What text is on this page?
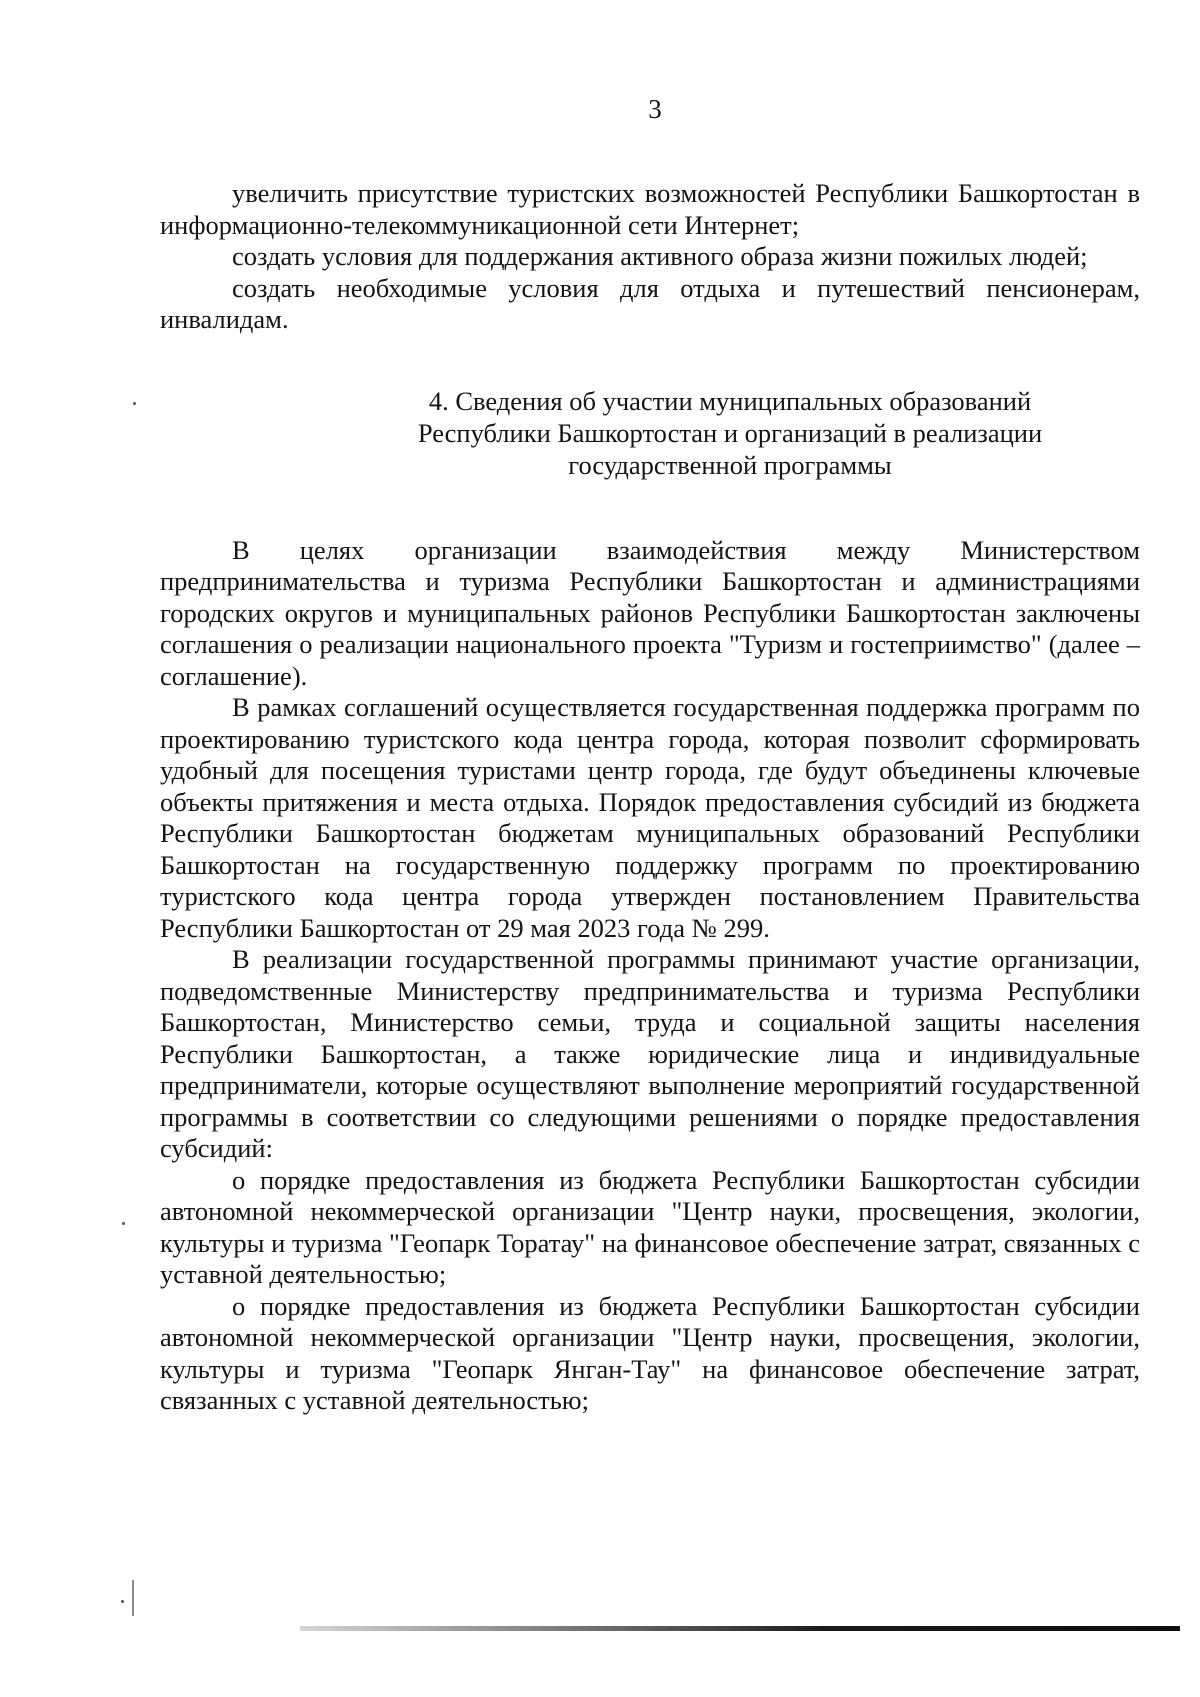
3

увеличить присутствие туристских возможностей Республики Башкортостан в информационно-телекоммуникационной сети Интернет;

создать условия для поддержания активного образа жизни пожилых людей;

создать необходимые условия для отдыха и путешествий пенсионерам, инвалидам.

4. Сведения об участии муниципальных образований
Республики Башкортостан и организаций в реализации
государственной программы

В целях организации взаимодействия между Министерством предпринимательства и туризма Республики Башкортостан и администрациями городских округов и муниципальных районов Республики Башкортостан заключены соглашения о реализации национального проекта "Туризм и гостеприимство" (далее – соглашение).

В рамках соглашений осуществляется государственная поддержка программ по проектированию туристского кода центра города, которая позволит сформировать удобный для посещения туристами центр города, где будут объединены ключевые объекты притяжения и места отдыха. Порядок предоставления субсидий из бюджета Республики Башкортостан бюджетам муниципальных образований Республики Башкортостан на государственную поддержку программ по проектированию туристского кода центра города утвержден постановлением Правительства Республики Башкортостан от 29 мая 2023 года № 299.

В реализации государственной программы принимают участие организации, подведомственные Министерству предпринимательства и туризма Республики Башкортостан, Министерство семьи, труда и социальной защиты населения Республики Башкортостан, а также юридические лица и индивидуальные предприниматели, которые осуществляют выполнение мероприятий государственной программы в соответствии со следующими решениями о порядке предоставления субсидий:

о порядке предоставления из бюджета Республики Башкортостан субсидии автономной некоммерческой организации "Центр науки, просвещения, экологии, культуры и туризма "Геопарк Торатау" на финансовое обеспечение затрат, связанных с уставной деятельностью;

о порядке предоставления из бюджета Республики Башкортостан субсидии автономной некоммерческой организации "Центр науки, просвещения, экологии, культуры и туризма "Геопарк Янган-Тау" на финансовое обеспечение затрат, связанных с уставной деятельностью;
